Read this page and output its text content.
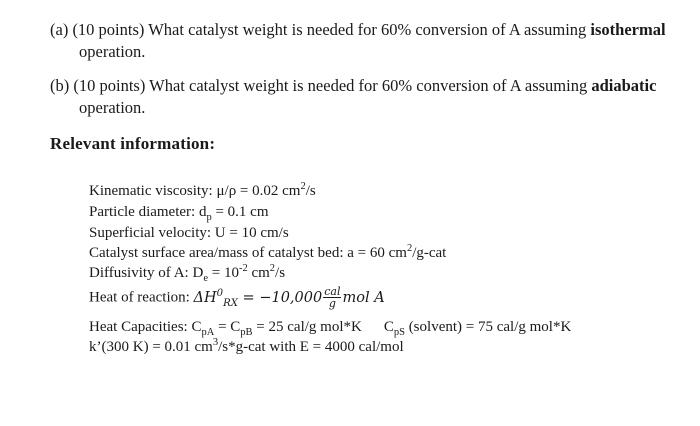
(a) (10 points) What catalyst weight is needed for 60% conversion of A assuming isothermal
operation.
(b) (10 points) What catalyst weight is needed for 60% conversion of A assuming adiabatic
operation.
Relevant information:
Kinematic viscosity: μ/ρ = 0.02 $cm^2/s$
Particle diameter: $d_p = 0.1$ cm
Superficial velocity: U = 10 cm/s
Catalyst surface area/mass of catalyst bed: a = 60 $cm^2/g$-cat
Diffusivity of A: $D_e = 10^{-2}$ $cm^2/s$
Heat of reaction: $\Delta H^0_{RX} = -10,000 \frac{\text{cal}}{g}$ mol A
Heat Capacities: $C_{pA} = C_{pB} = 25$ cal/g mol*K $C_{pS}$ (solvent) = 75 cal/g mol*K
k’(300 K) = 0.01 $cm^3/s*g$-cat with E = 4000 cal/mol
